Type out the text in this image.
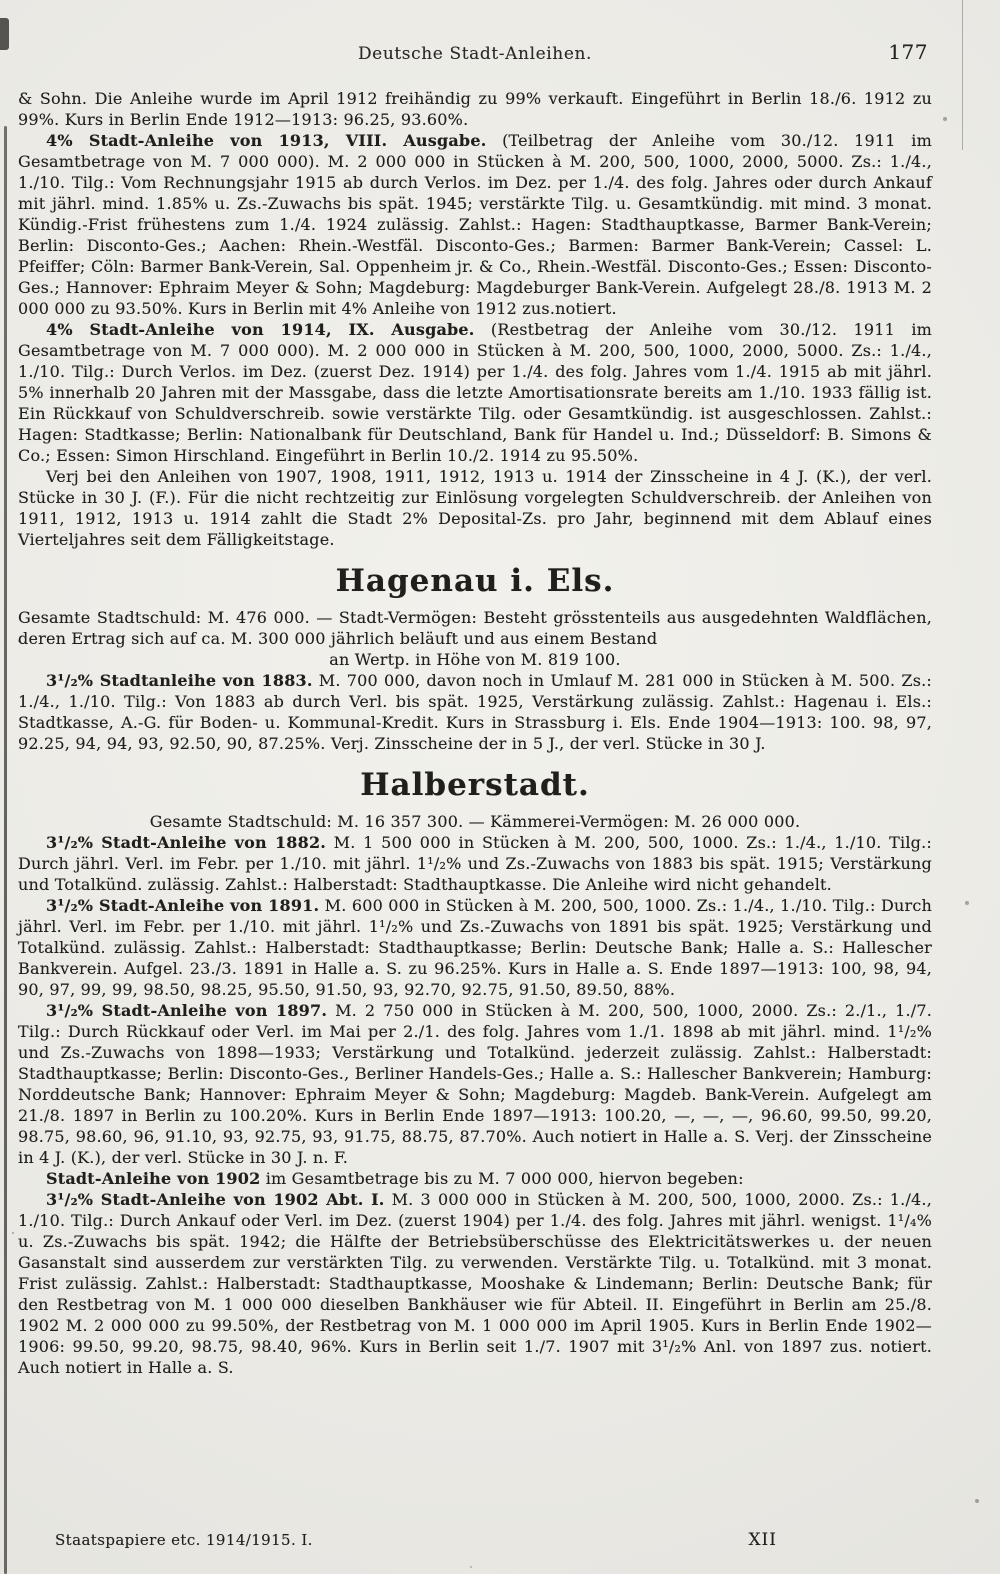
Deutsche Stadt-Anleihen.	177

& Sohn. Die Anleihe wurde im April 1912 freihändig zu 99% verkauft. Eingeführt in Berlin 18./6. 1912 zu 99%. Kurs in Berlin Ende 1912—1913: 96.25, 93.60%.

4% Stadt-Anleihe von 1913, VIII. Ausgabe. (Teilbetrag der Anleihe vom 30./12. 1911 im Gesamtbetrage von M. 7 000 000). M. 2 000 000 in Stücken à M. 200, 500, 1000, 2000, 5000. Zs.: 1./4., 1./10. Tilg.: Vom Rechnungsjahr 1915 ab durch Verlos. im Dez. per 1./4. des folg. Jahres oder durch Ankauf mit jährl. mind. 1.85% u. Zs.-Zuwachs bis spät. 1945; verstärkte Tilg. u. Gesamtkündig. mit mind. 3 monat. Kündig.-Frist frühestens zum 1./4. 1924 zulässig. Zahlst.: Hagen: Stadthauptkasse, Barmer Bank-Verein; Berlin: Disconto-Ges.; Aachen: Rhein.-Westfäl. Disconto-Ges.; Barmen: Barmer Bank-Verein; Cassel: L. Pfeiffer; Cöln: Barmer Bank-Verein, Sal. Oppenheim jr. & Co., Rhein.-Westfäl. Disconto-Ges.; Essen: Disconto-Ges.; Hannover: Ephraim Meyer & Sohn; Magdeburg: Magdeburger Bank-Verein. Aufgelegt 28./8. 1913 M. 2 000 000 zu 93.50%. Kurs in Berlin mit 4% Anleihe von 1912 zus.notiert.

4% Stadt-Anleihe von 1914, IX. Ausgabe. (Restbetrag der Anleihe vom 30./12. 1911 im Gesamtbetrage von M. 7 000 000). M. 2 000 000 in Stücken à M. 200, 500, 1000, 2000, 5000. Zs.: 1./4., 1./10. Tilg.: Durch Verlos. im Dez. (zuerst Dez. 1914) per 1./4. des folg. Jahres vom 1./4. 1915 ab mit jährl. 5% innerhalb 20 Jahren mit der Massgabe, dass die letzte Amortisationsrate bereits am 1./10. 1933 fällig ist. Ein Rückkauf von Schuldverschreib. sowie verstärkte Tilg. oder Gesamtkündig. ist ausgeschlossen. Zahlst.: Hagen: Stadtkasse; Berlin: Nationalbank für Deutschland, Bank für Handel u. Ind.; Düsseldorf: B. Simons & Co.; Essen: Simon Hirschland. Eingeführt in Berlin 10./2. 1914 zu 95.50%.

Verj bei den Anleihen von 1907, 1908, 1911, 1912, 1913 u. 1914 der Zinsscheine in 4 J. (K.), der verl. Stücke in 30 J. (F.). Für die nicht rechtzeitig zur Einlösung vorgelegten Schuldverschreib. der Anleihen von 1911, 1912, 1913 u. 1914 zahlt die Stadt 2% Deposital-Zs. pro Jahr, beginnend mit dem Ablauf eines Vierteljahres seit dem Fälligkeitstage.

Hagenau i. Els.

Gesamte Stadtschuld: M. 476 000. — Stadt-Vermögen: Besteht grösstenteils aus ausgedehnten Waldflächen, deren Ertrag sich auf ca. M. 300 000 jährlich beläuft und aus einem Bestand

an Wertp. in Höhe von M. 819 100.

3¹/₂% Stadtanleihe von 1883. M. 700 000, davon noch in Umlauf M. 281 000 in Stücken à M. 500. Zs.: 1./4., 1./10. Tilg.: Von 1883 ab durch Verl. bis spät. 1925, Verstärkung zulässig. Zahlst.: Hagenau i. Els.: Stadtkasse, A.-G. für Boden- u. Kommunal-Kredit. Kurs in Strassburg i. Els. Ende 1904—1913: 100. 98, 97, 92.25, 94, 94, 93, 92.50, 90, 87.25%. Verj. Zinsscheine der in 5 J., der verl. Stücke in 30 J.

Halberstadt.

Gesamte Stadtschuld: M. 16 357 300. — Kämmerei-Vermögen: M. 26 000 000.

3¹/₂% Stadt-Anleihe von 1882. M. 1 500 000 in Stücken à M. 200, 500, 1000. Zs.: 1./4., 1./10. Tilg.: Durch jährl. Verl. im Febr. per 1./10. mit jährl. 1¹/₂% und Zs.-Zuwachs von 1883 bis spät. 1915; Verstärkung und Totalkünd. zulässig. Zahlst.: Halberstadt: Stadthauptkasse. Die Anleihe wird nicht gehandelt.

3¹/₂% Stadt-Anleihe von 1891. M. 600 000 in Stücken à M. 200, 500, 1000. Zs.: 1./4., 1./10. Tilg.: Durch jährl. Verl. im Febr. per 1./10. mit jährl. 1¹/₂% und Zs.-Zuwachs von 1891 bis spät. 1925; Verstärkung und Totalkünd. zulässig. Zahlst.: Halberstadt: Stadthauptkasse; Berlin: Deutsche Bank; Halle a. S.: Hallescher Bankverein. Aufgel. 23./3. 1891 in Halle a. S. zu 96.25%. Kurs in Halle a. S. Ende 1897—1913: 100, 98, 94, 90, 97, 99, 99, 98.50, 98.25, 95.50, 91.50, 93, 92.70, 92.75, 91.50, 89.50, 88%.

3¹/₂% Stadt-Anleihe von 1897. M. 2 750 000 in Stücken à M. 200, 500, 1000, 2000. Zs.: 2./1., 1./7. Tilg.: Durch Rückkauf oder Verl. im Mai per 2./1. des folg. Jahres vom 1./1. 1898 ab mit jährl. mind. 1¹/₂% und Zs.-Zuwachs von 1898—1933; Verstärkung und Totalkünd. jederzeit zulässig. Zahlst.: Halberstadt: Stadthauptkasse; Berlin: Disconto-Ges., Berliner Handels-Ges.; Halle a. S.: Hallescher Bankverein; Hamburg: Norddeutsche Bank; Hannover: Ephraim Meyer & Sohn; Magdeburg: Magdeb. Bank-Verein. Aufgelegt am 21./8. 1897 in Berlin zu 100.20%. Kurs in Berlin Ende 1897—1913: 100.20, —, —, —, 96.60, 99.50, 99.20, 98.75, 98.60, 96, 91.10, 93, 92.75, 93, 91.75, 88.75, 87.70%. Auch notiert in Halle a. S. Verj. der Zinsscheine in 4 J. (K.), der verl. Stücke in 30 J. n. F.

Stadt-Anleihe von 1902 im Gesamtbetrage bis zu M. 7 000 000, hiervon begeben:

3¹/₂% Stadt-Anleihe von 1902 Abt. I. M. 3 000 000 in Stücken à M. 200, 500, 1000, 2000. Zs.: 1./4., 1./10. Tilg.: Durch Ankauf oder Verl. im Dez. (zuerst 1904) per 1./4. des folg. Jahres mit jährl. wenigst. 1¹/₄% u. Zs.-Zuwachs bis spät. 1942; die Hälfte der Betriebsüberschüsse des Elektricitätswerkes u. der neuen Gasanstalt sind ausserdem zur verstärkten Tilg. zu verwenden. Verstärkte Tilg. u. Totalkünd. mit 3 monat. Frist zulässig. Zahlst.: Halberstadt: Stadthauptkasse, Mooshake & Lindemann; Berlin: Deutsche Bank; für den Restbetrag von M. 1 000 000 dieselben Bankhäuser wie für Abteil. II. Eingeführt in Berlin am 25./8. 1902 M. 2 000 000 zu 99.50%, der Restbetrag von M. 1 000 000 im April 1905. Kurs in Berlin Ende 1902—1906: 99.50, 99.20, 98.75, 98.40, 96%. Kurs in Berlin seit 1./7. 1907 mit 3¹/₂% Anl. von 1897 zus. notiert. Auch notiert in Halle a. S.

Staatspapiere etc. 1914/1915. I.	XII
